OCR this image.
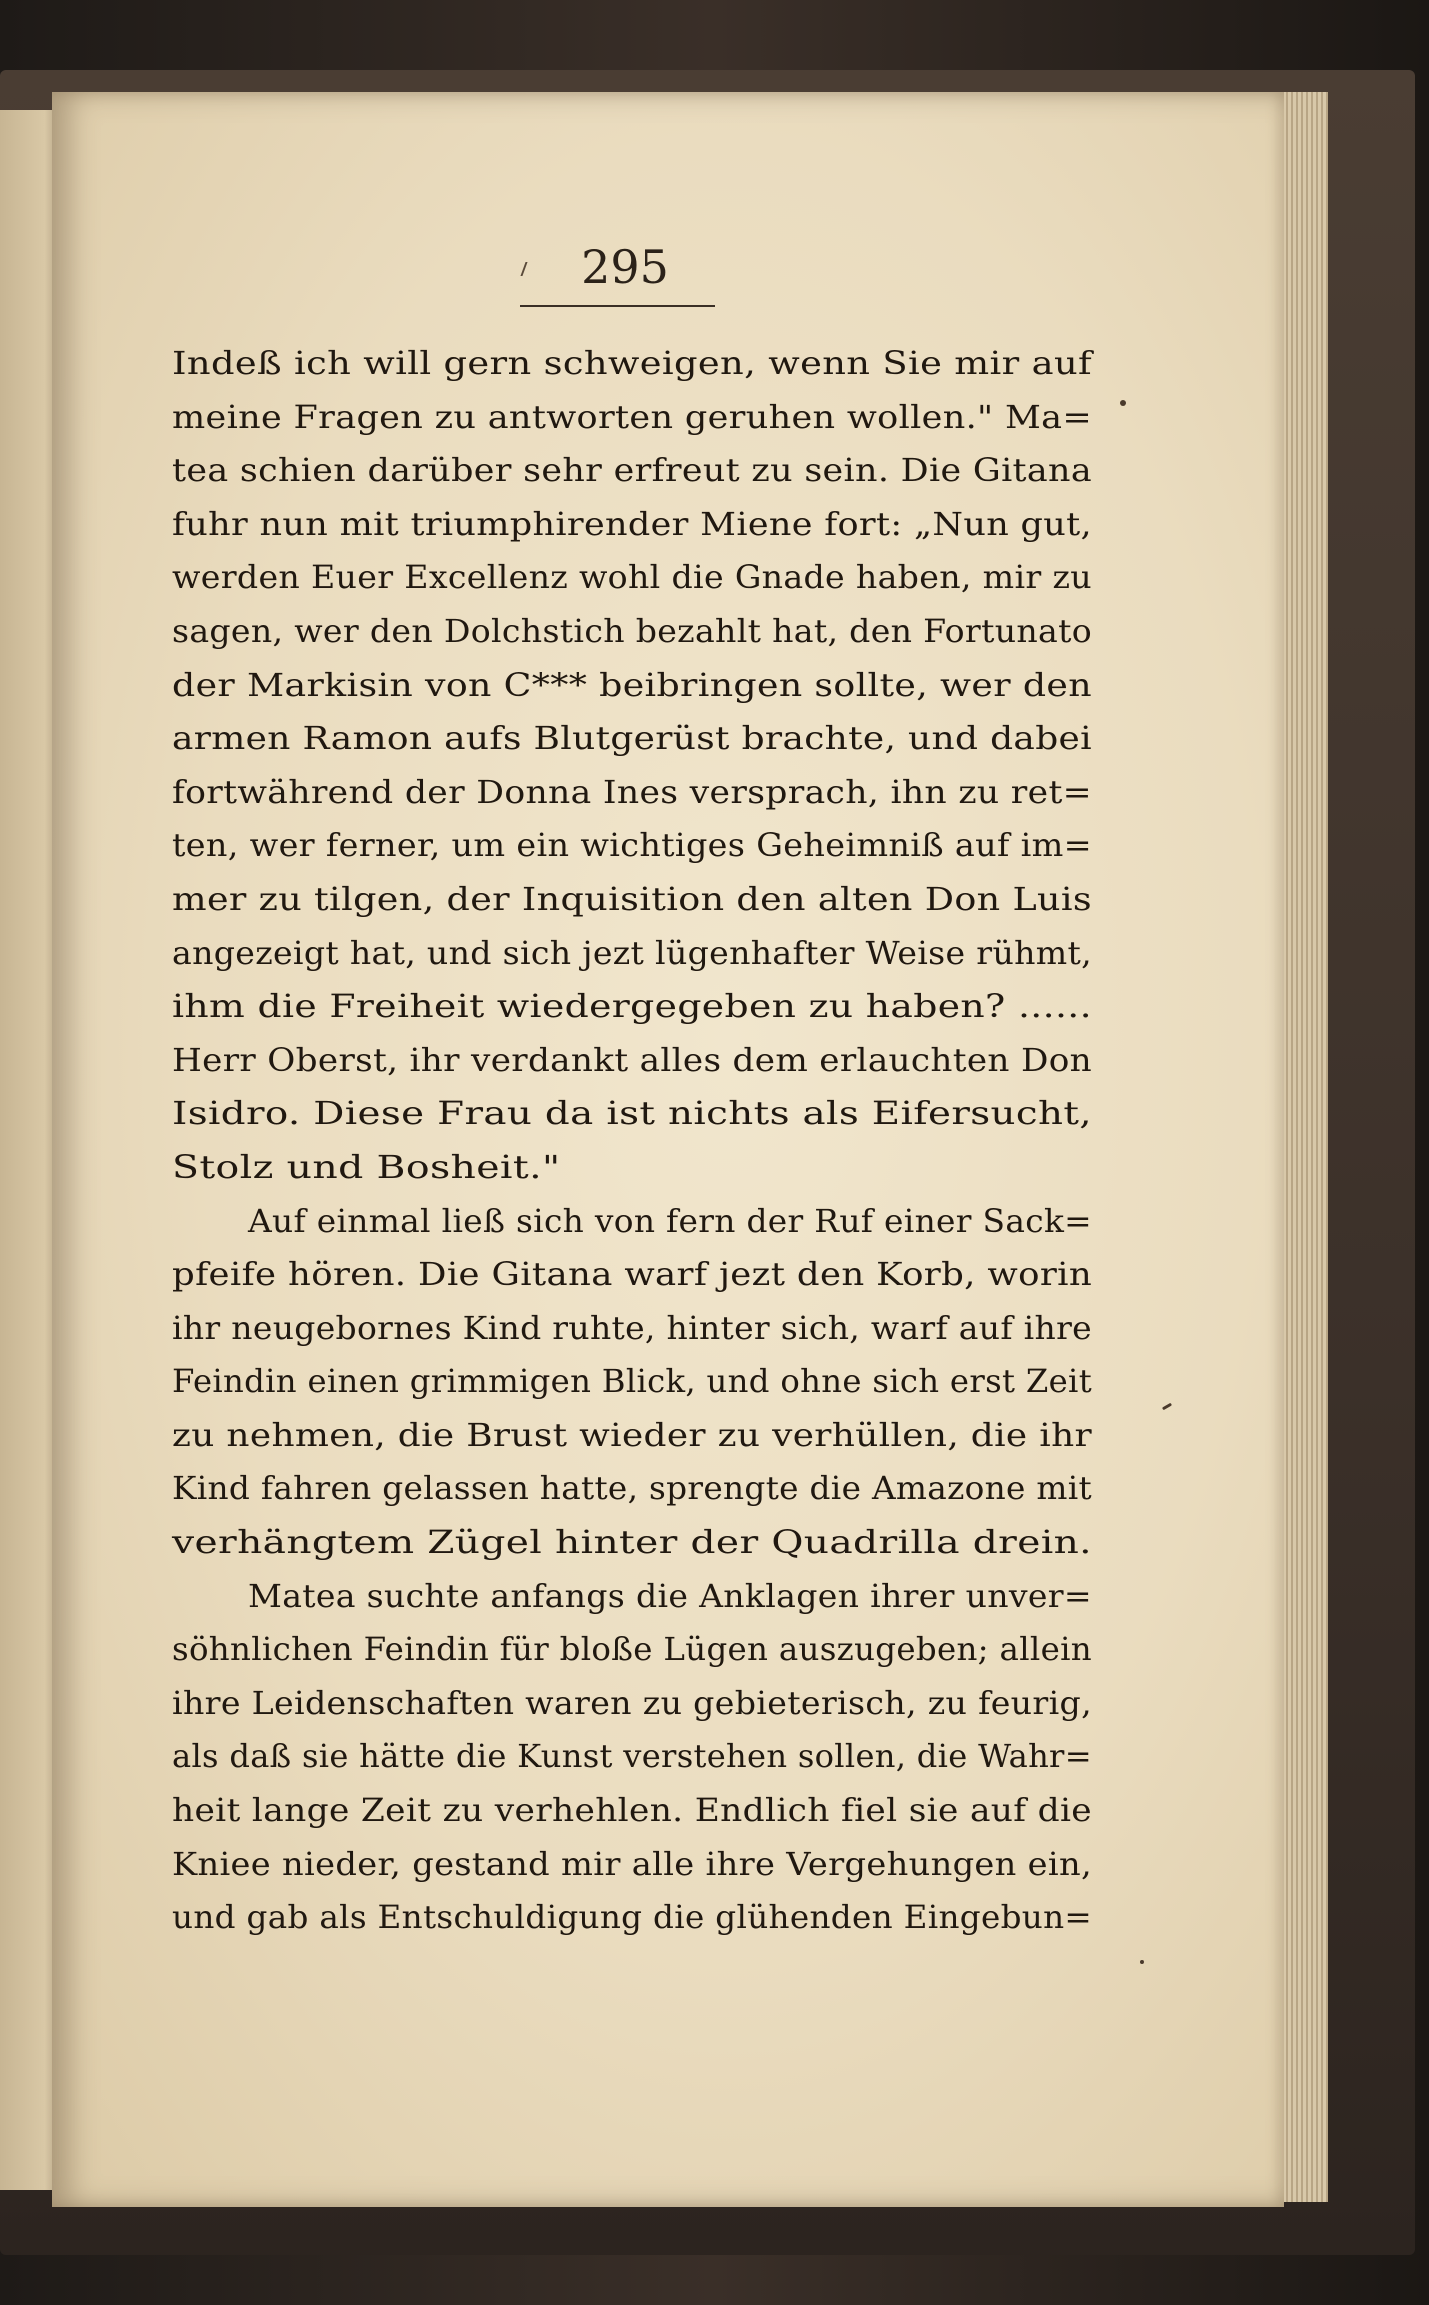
295
Indeß ich will gern schweigen, wenn Sie mir auf
meine Fragen zu antworten geruhen wollen." Ma=
tea schien darüber sehr erfreut zu sein. Die Gitana
fuhr nun mit triumphirender Miene fort: „Nun gut,
werden Euer Excellenz wohl die Gnade haben, mir zu
sagen, wer den Dolchstich bezahlt hat, den Fortunato
der Markisin von C*** beibringen sollte, wer den
armen Ramon aufs Blutgerüst brachte, und dabei
fortwährend der Donna Ines versprach, ihn zu ret=
ten, wer ferner, um ein wichtiges Geheimniß auf im=
mer zu tilgen, der Inquisition den alten Don Luis
angezeigt hat, und sich jezt lügenhafter Weise rühmt,
ihm die Freiheit wiedergegeben zu haben? ......
Herr Oberst, ihr verdankt alles dem erlauchten Don
Isidro. Diese Frau da ist nichts als Eifersucht,
Stolz und Bosheit."
Auf einmal ließ sich von fern der Ruf einer Sack=
pfeife hören. Die Gitana warf jezt den Korb, worin
ihr neugebornes Kind ruhte, hinter sich, warf auf ihre
Feindin einen grimmigen Blick, und ohne sich erst Zeit
zu nehmen, die Brust wieder zu verhüllen, die ihr
Kind fahren gelassen hatte, sprengte die Amazone mit
verhängtem Zügel hinter der Quadrilla drein.
Matea suchte anfangs die Anklagen ihrer unver=
söhnlichen Feindin für bloße Lügen auszugeben; allein
ihre Leidenschaften waren zu gebieterisch, zu feurig,
als daß sie hätte die Kunst verstehen sollen, die Wahr=
heit lange Zeit zu verhehlen. Endlich fiel sie auf die
Kniee nieder, gestand mir alle ihre Vergehungen ein,
und gab als Entschuldigung die glühenden Eingebun=
